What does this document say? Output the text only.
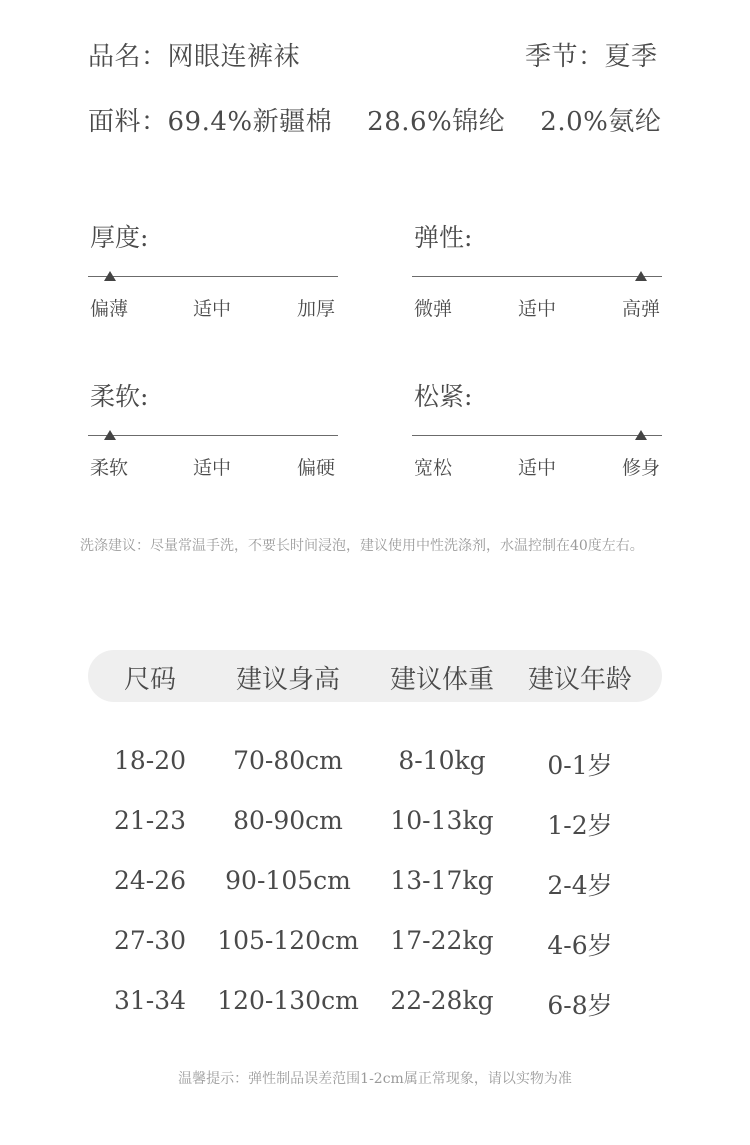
品名：网眼连裤袜	季节：夏季
面料：69.4%新疆棉    28.6%锦纶    2.0%氨纶
厚度:
偏薄	适中	加厚
弹性:
微弹	适中	高弹
柔软:
柔软	适中	偏硬
松紧:
宽松	适中	修身
洗涤建议：尽量常温手洗，不要长时间浸泡，建议使用中性洗涤剂，水温控制在40度左右。
尺码	建议身高	建议体重	建议年龄
18-20	70-80cm	8-10kg	0-1岁
21-23	80-90cm	10-13kg	1-2岁
24-26	90-105cm	13-17kg	2-4岁
27-30	105-120cm	17-22kg	4-6岁
31-34	120-130cm	22-28kg	6-8岁
温馨提示：弹性制品误差范围1-2cm属正常现象，请以实物为准
